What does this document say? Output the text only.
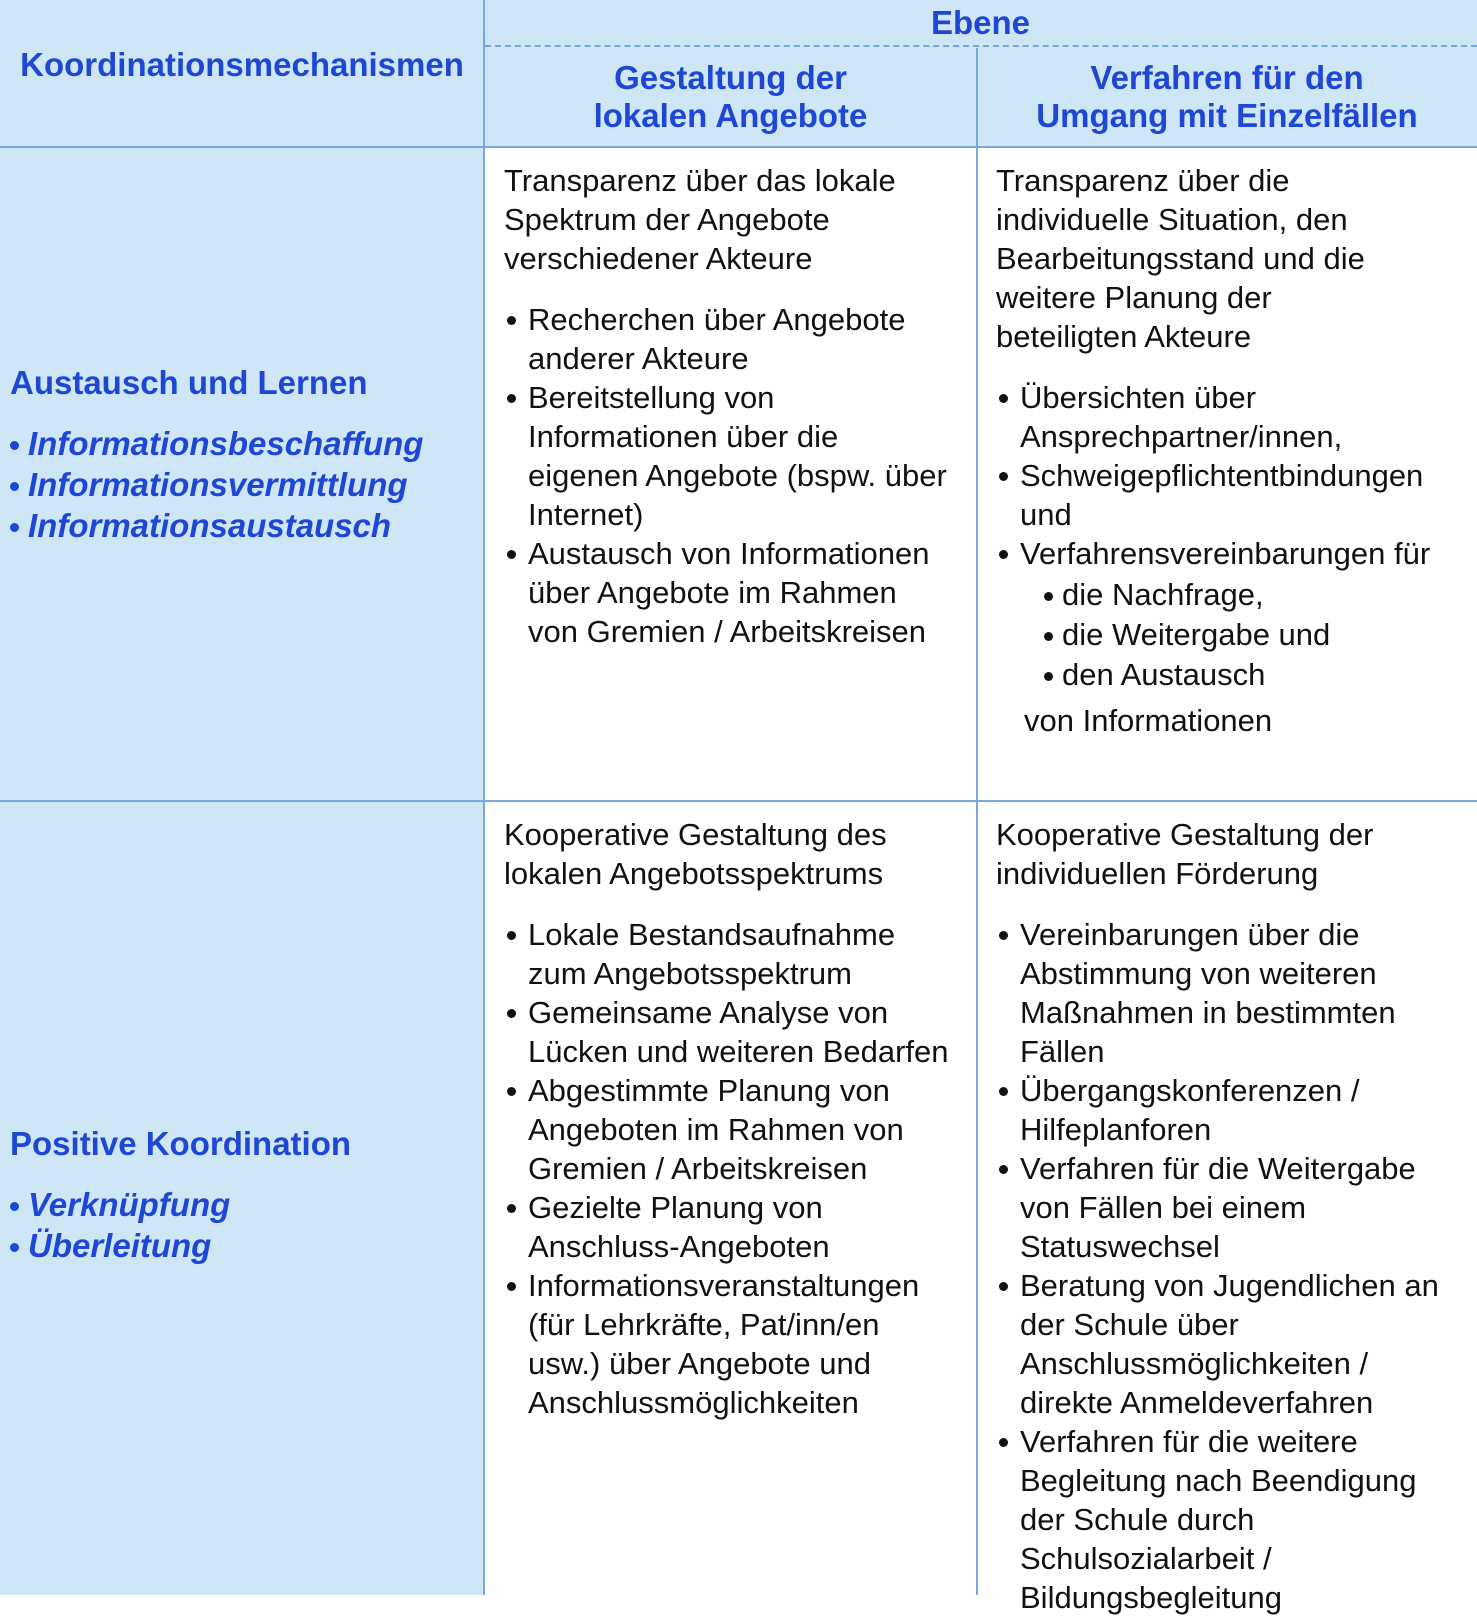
Koordinationsmechanismen
Ebene
Gestaltung der
lokalen Angebote
Verfahren für den
Umgang mit Einzelfällen
Austausch und Lernen
Informationsbeschaffung
Informationsvermittlung
Informationsaustausch

Transparenz über das lokale Spektrum der Angebote verschiedener Akteure

Recherchen über Angebote anderer Akteure
Bereitstellung von Informationen über die eigenen Angebote (bspw. über Internet)
Austausch von Informationen über Angebote im Rahmen von Gremien / Arbeitskreisen

Transparenz über die individuelle Situation, den Bearbeitungsstand und die weitere Planung der beteiligten Akteure

Übersichten über Ansprechpartner/innen,
Schweigepflichtentbindungen und
Verfahrensvereinbarungen für
die Nachfrage,
die Weitergabe und
den Austausch
von Informationen
Positive Koordination
Verknüpfung
Überleitung

Kooperative Gestaltung des lokalen Angebotsspektrums

Lokale Bestandsaufnahme zum Angebotsspektrum
Gemeinsame Analyse von Lücken und weiteren Bedarfen
Abgestimmte Planung von Angeboten im Rahmen von Gremien / Arbeitskreisen
Gezielte Planung von Anschluss-Angeboten
Informationsveranstaltungen (für Lehrkräfte, Pat/inn/en usw.) über Angebote und Anschlussmöglichkeiten

Kooperative Gestaltung der individuellen Förderung

Vereinbarungen über die Abstimmung von weiteren Maßnahmen in bestimmten Fällen
Übergangskonferenzen / Hilfeplanforen
Verfahren für die Weitergabe von Fällen bei einem Statuswechsel
Beratung von Jugendlichen an der Schule über Anschlussmöglichkeiten / direkte Anmeldeverfahren
Verfahren für die weitere Begleitung nach Beendigung der Schule durch Schulsozialarbeit / Bildungsbegleitung
